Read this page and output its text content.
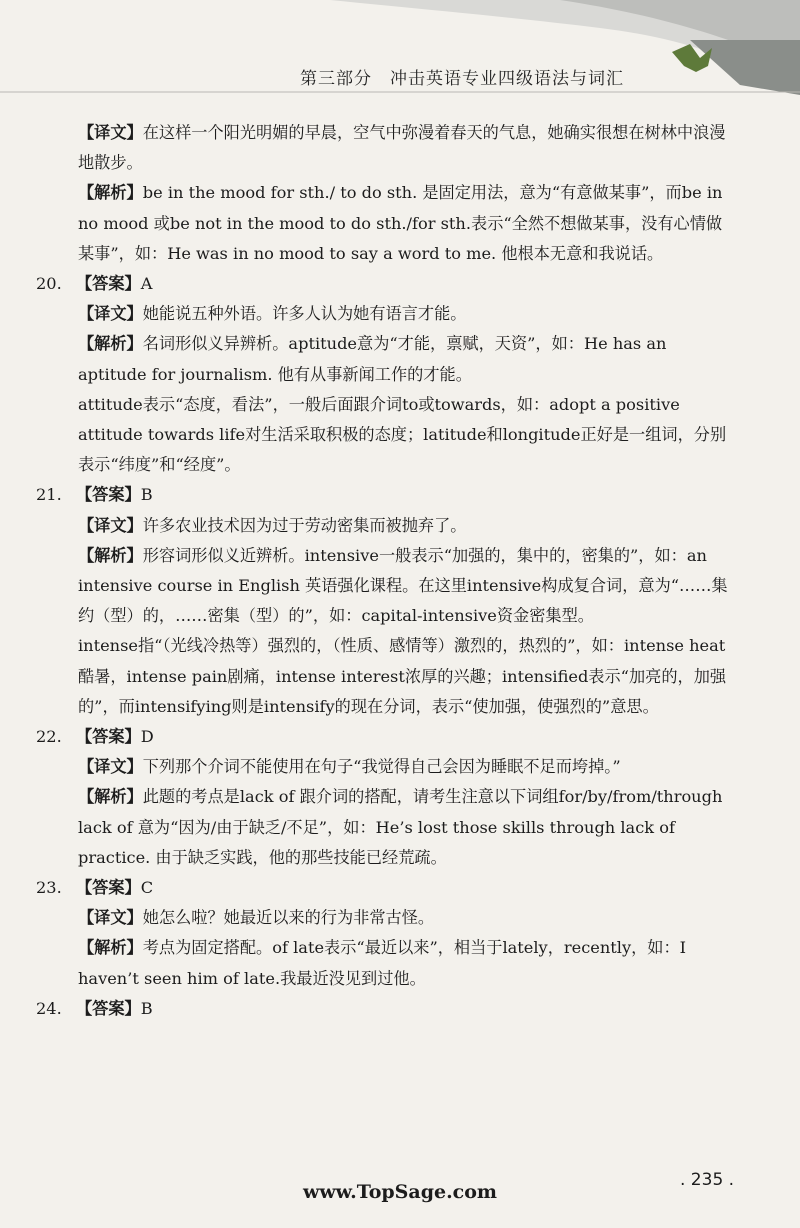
第三部分　冲击英语专业四级语法与词汇

【译文】在这样一个阳光明媚的早晨，空气中弥漫着春天的气息，她确实很想在树林中浪漫地散步。

【解析】be in the mood for sth./ to do sth. 是固定用法，意为“有意做某事”，而be in no mood 或be not in the mood to do sth./for sth.表示“全然不想做某事，没有心情做某事”，如：He was in no mood to say a word to me. 他根本无意和我说话。

20. 【答案】A

【译文】她能说五种外语。许多人认为她有语言才能。

【解析】名词形似义异辨析。aptitude意为“才能，禀赋，天资”，如：He has an aptitude for journalism. 他有从事新闻工作的才能。

attitude表示“态度，看法”，一般后面跟介词to或towards，如：adopt a positive attitude towards life对生活采取积极的态度；latitude和longitude正好是一组词，分别表示“纬度”和“经度”。

21. 【答案】B

【译文】许多农业技术因为过于劳动密集而被抛弃了。

【解析】形容词形似义近辨析。intensive一般表示“加强的，集中的，密集的”，如：an intensive course in English 英语强化课程。在这里intensive构成复合词，意为“……集约（型）的，……密集（型）的”，如：capital-intensive资金密集型。

intense指“（光线冷热等）强烈的，（性质、感情等）激烈的，热烈的”，如：intense heat酷暑，intense pain剧痛，intense interest浓厚的兴趣；intensified表示“加亮的，加强的”，而intensifying则是intensify的现在分词，表示“使加强，使强烈的”意思。

22. 【答案】D

【译文】下列那个介词不能使用在句子“我觉得自己会因为睡眠不足而垮掉。”

【解析】此题的考点是lack of 跟介词的搭配，请考生注意以下词组for/by/from/through lack of 意为“因为/由于缺乏/不足”，如：He’s lost those skills through lack of practice. 由于缺乏实践，他的那些技能已经荒疏。

23. 【答案】C

【译文】她怎么啦？她最近以来的行为非常古怪。

【解析】考点为固定搭配。of late表示“最近以来”，相当于lately，recently，如：I haven’t seen him of late.我最近没见到过他。

24. 【答案】B

. 235 .
www.TopSage.com
